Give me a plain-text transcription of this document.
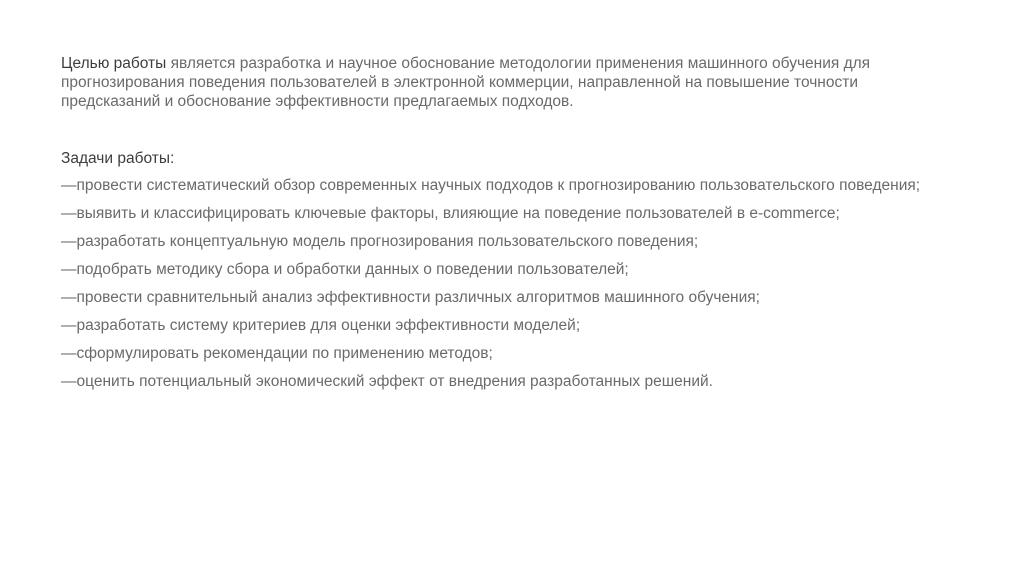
Целью работы является разработка и научное обоснование методологии применения машинного обучения для прогнозирования поведения пользователей в электронной коммерции, направленной на повышение точности предсказаний и обоснование эффективности предлагаемых подходов.

Задачи работы:
—провести систематический обзор современных научных подходов к прогнозированию пользовательского поведения;
—выявить и классифицировать ключевые факторы, влияющие на поведение пользователей в e-commerce;
—разработать концептуальную модель прогнозирования пользовательского поведения;
—подобрать методику сбора и обработки данных о поведении пользователей;
—провести сравнительный анализ эффективности различных алгоритмов машинного обучения;
—разработать систему критериев для оценки эффективности моделей;
—сформулировать рекомендации по применению методов;
—оценить потенциальный экономический эффект от внедрения разработанных решений.
